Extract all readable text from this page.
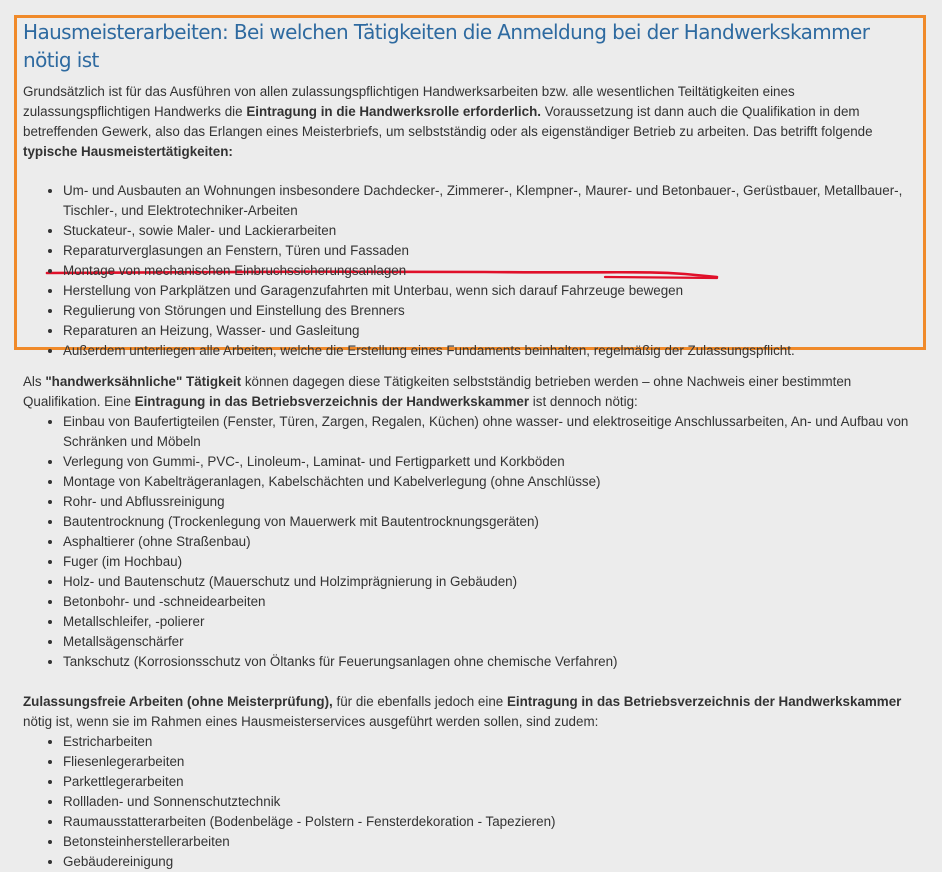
Hausmeisterarbeiten: Bei welchen Tätigkeiten die Anmeldung bei der Handwerkskammer nötig ist

Grundsätzlich ist für das Ausführen von allen zulassungspflichtigen Handwerksarbeiten bzw. alle wesentlichen Teiltätigkeiten eines zulassungspflichtigen Handwerks die Eintragung in die Handwerksrolle erforderlich. Voraussetzung ist dann auch die Qualifikation in dem betreffenden Gewerk, also das Erlangen eines Meisterbriefs, um selbstständig oder als eigenständiger Betrieb zu arbeiten. Das betrifft folgende typische Hausmeistertätigkeiten:

• Um- und Ausbauten an Wohnungen insbesondere Dachdecker-, Zimmerer-, Klempner-, Maurer- und Betonbauer-, Gerüstbauer, Metallbauer-, Tischler-, und Elektrotechniker-Arbeiten
• Stuckateur-, sowie Maler- und Lackierarbeiten
• Reparaturverglasungen an Fenstern, Türen und Fassaden
• Montage von mechanischen Einbruchssicherungsanlagen
• Herstellung von Parkplätzen und Garagenzufahrten mit Unterbau, wenn sich darauf Fahrzeuge bewegen
• Regulierung von Störungen und Einstellung des Brenners
• Reparaturen an Heizung, Wasser- und Gasleitung
• Außerdem unterliegen alle Arbeiten, welche die Erstellung eines Fundaments beinhalten, regelmäßig der Zulassungspflicht.

Als "handwerksähnliche" Tätigkeit können dagegen diese Tätigkeiten selbstständig betrieben werden – ohne Nachweis einer bestimmten Qualifikation. Eine Eintragung in das Betriebsverzeichnis der Handwerkskammer ist dennoch nötig:

• Einbau von Baufertigteilen (Fenster, Türen, Zargen, Regalen, Küchen) ohne wasser- und elektroseitige Anschlussarbeiten, An- und Aufbau von Schränken und Möbeln
• Verlegung von Gummi-, PVC-, Linoleum-, Laminat- und Fertigparkett und Korkböden
• Montage von Kabelträgeranlagen, Kabelschächten und Kabelverlegung (ohne Anschlüsse)
• Rohr- und Abflussreinigung
• Bautentrocknung (Trockenlegung von Mauerwerk mit Bautentrocknungsgeräten)
• Asphaltierer (ohne Straßenbau)
• Fuger (im Hochbau)
• Holz- und Bautenschutz (Mauerschutz und Holzimprägnierung in Gebäuden)
• Betonbohr- und -schneidearbeiten
• Metallschleifer, -polierer
• Metallsägenschärfer
• Tankschutz (Korrosionsschutz von Öltanks für Feuerungsanlagen ohne chemische Verfahren)

Zulassungsfreie Arbeiten (ohne Meisterprüfung), für die ebenfalls jedoch eine Eintragung in das Betriebsverzeichnis der Handwerkskammer nötig ist, wenn sie im Rahmen eines Hausmeisterservices ausgeführt werden sollen, sind zudem:

• Estricharbeiten
• Fliesenlegerarbeiten
• Parkettlegerarbeiten
• Rollladen- und Sonnenschutztechnik
• Raumausstatterarbeiten (Bodenbeläge - Polstern - Fensterdekoration - Tapezieren)
• Betonsteinherstellerarbeiten
• Gebäudereinigung
